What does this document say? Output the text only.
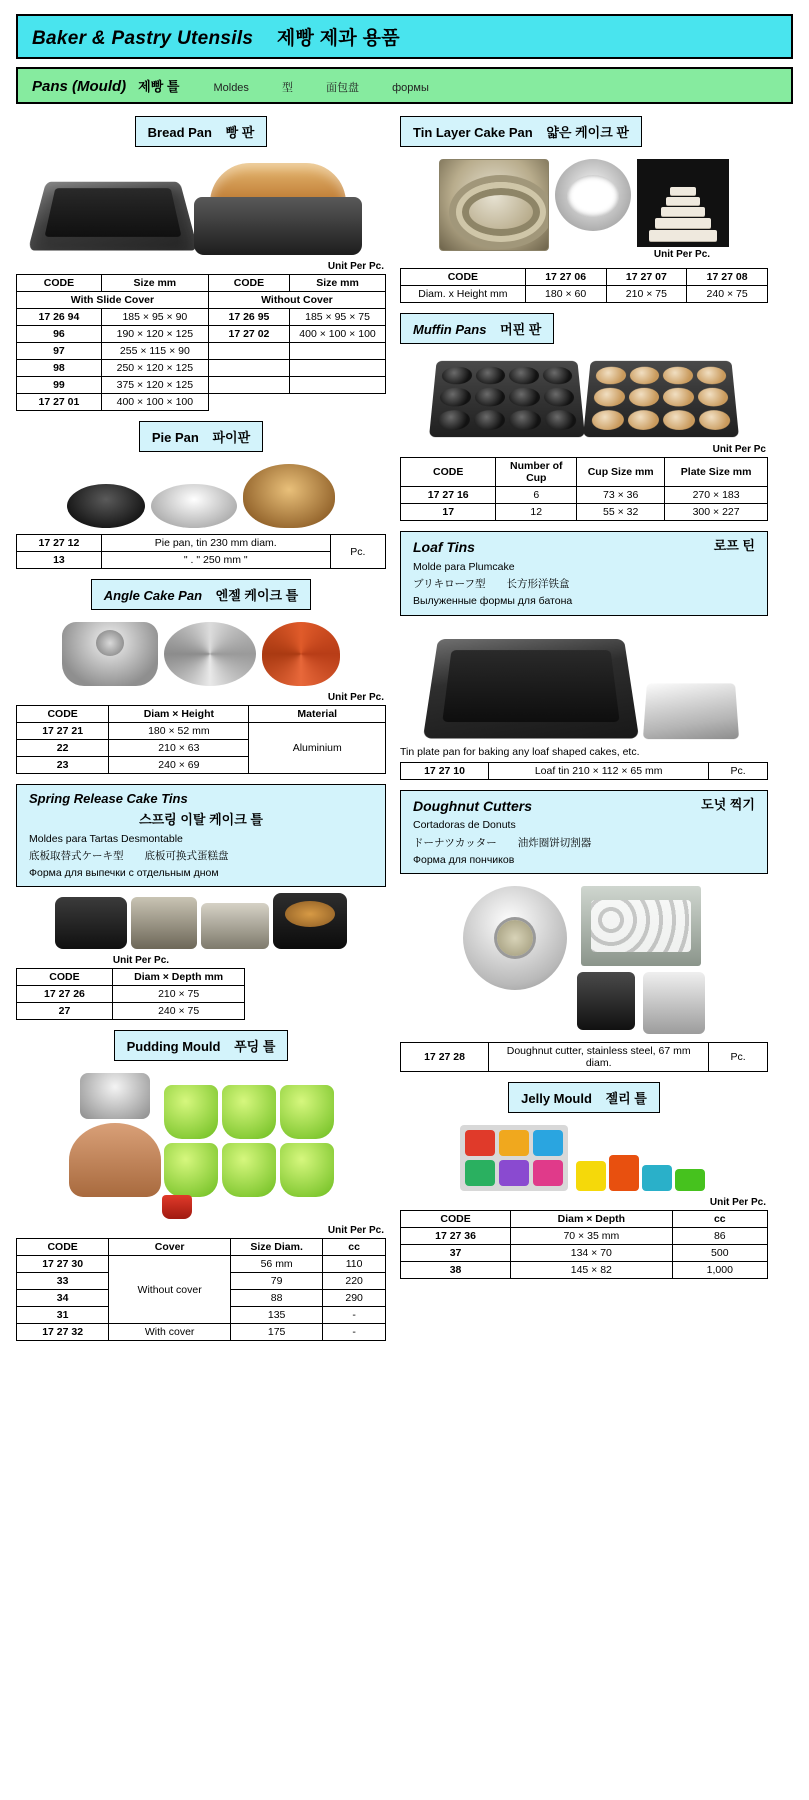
Baker & Pastry Utensils 제빵 제과 용품
Pans (Mould) 제빵 틀	Moldes	型	面包盘	формы
Bread Pan 빵 판
Unit Per Pc.
CODE	Size mm	CODE	Size mm
With Slide Cover		Without Cover	
17 26 94	185 × 95 × 90	17 26 95	185 × 95 × 75
96	190 × 120 × 125	17 27 02	400 × 100 × 100
97	255 × 115 × 90		
98	250 × 120 × 125		
99	375 × 120 × 125		
17 27 01	400 × 100 × 100		
Pie Pan 파이판
17 27 12	Pie pan, tin 230 mm diam.	Pc.
13	" . " 250 mm "	
Angle Cake Pan 엔젤 케이크 틀
Unit Per Pc.
CODE	Diam × Height	Material
17 27 21	180 × 52 mm	Aluminium
22	210 × 63	
23	240 × 69	
Spring Release Cake Tins
스프링 이탈 케이크 틀
Moldes para Tartas Desmontable
底板取替式ケーキ型　　底板可换式蛋糕盘
Форма для выпечки с отдельным дном
Unit Per Pc.
CODE	Diam × Depth mm
17 27 26	210 × 75
27	240 × 75
Pudding Mould 푸딩 틀
Unit Per Pc.
CODE	Cover	Size Diam.	cc
17 27 30	Without cover	56 mm	110
33		79	220
34		88	290
31		135	-
17 27 32	With cover	175	-
Tin Layer Cake Pan 얇은 케이크 판
Unit Per Pc.
CODE	17 27 06	17 27 07	17 27 08
Diam. x Height mm	180 × 60	210 × 75	240 × 75
Muffin Pans 머핀 판
Unit Per Pc
CODE	Number of Cup	Cup Size mm	Plate Size mm
17 27 16	6	73 × 36	270 × 183
17	12	55 × 32	300 × 227
Loaf Tins	로프 틴
Molde para Plumcake
ブリキローフ型　　长方形洋铁盒
Вылуженные формы для батона
Tin plate pan for baking any loaf shaped cakes, etc.
17 27 10	Loaf tin 210 × 112 × 65 mm	Pc.
Doughnut Cutters	도넛 찍기
Cortadoras de Donuts
ドーナツカッター　　油炸圈饼切割器
Форма для пончиков
17 27 28	Doughnut cutter, stainless steel, 67 mm diam.	Pc.
Jelly Mould 젤리 틀
Unit Per Pc.
CODE	Diam × Depth	cc
17 27 36	70 × 35 mm	86
37	134 × 70	500
38	145 × 82	1,000
